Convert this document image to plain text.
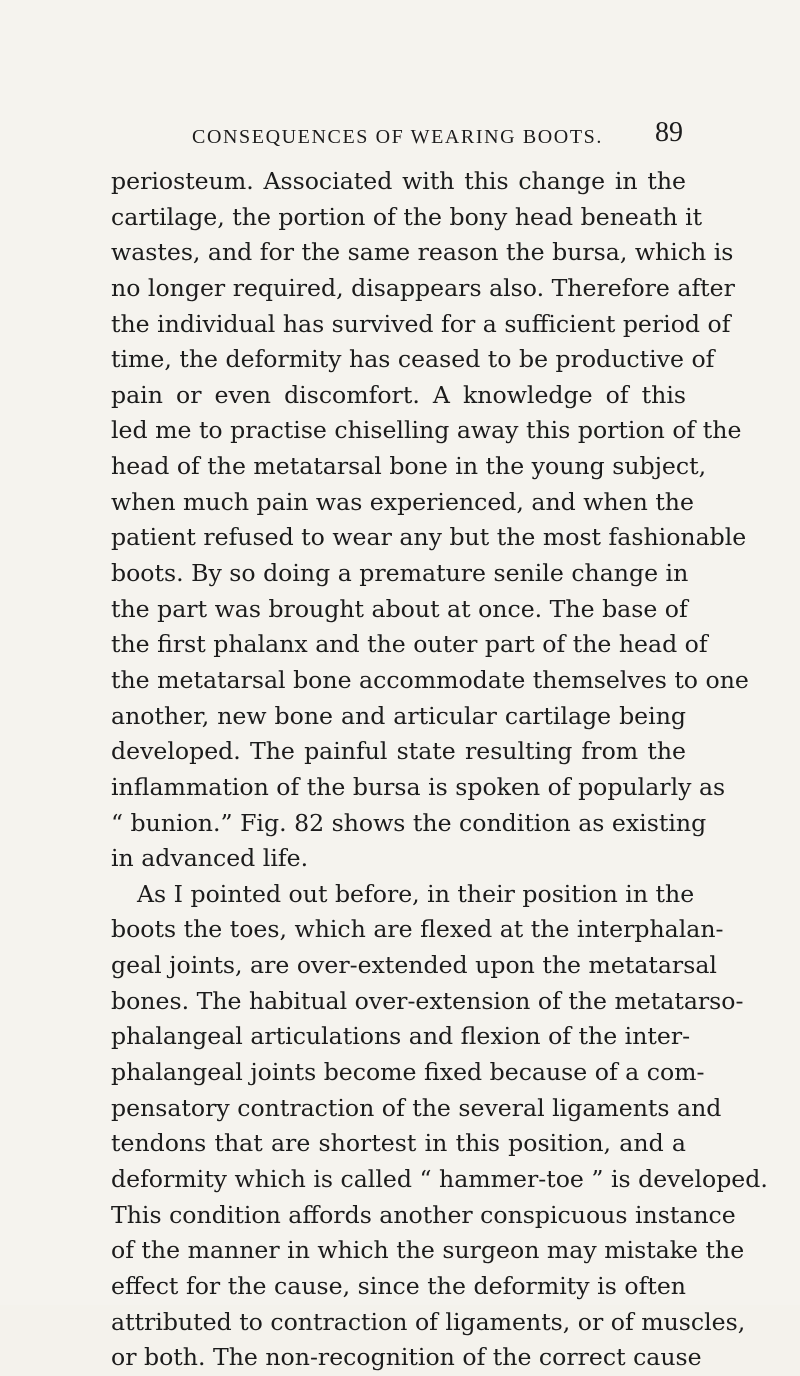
CONSEQUENCES OF WEARING BOOTS.	89
periosteum. Associated with this change in the
cartilage, the portion of the bony head beneath it
wastes, and for the same reason the bursa, which is
no longer required, disappears also. Therefore after
the individual has survived for a sufficient period of
time, the deformity has ceased to be productive of
pain or even discomfort. A knowledge of this
led me to practise chiselling away this portion of the
head of the metatarsal bone in the young subject,
when much pain was experienced, and when the
patient refused to wear any but the most fashionable
boots. By so doing a premature senile change in
the part was brought about at once. The base of
the first phalanx and the outer part of the head of
the metatarsal bone accommodate themselves to one
another, new bone and articular cartilage being
developed. The painful state resulting from the
inflammation of the bursa is spoken of popularly as
“ bunion.” Fig. 82 shows the condition as existing
in advanced life.
As I pointed out before, in their position in the
boots the toes, which are flexed at the interphalan-
geal joints, are over-extended upon the metatarsal
bones. The habitual over-extension of the metatarso-
phalangeal articulations and flexion of the inter-
phalangeal joints become fixed because of a com-
pensatory contraction of the several ligaments and
tendons that are shortest in this position, and a
deformity which is called “ hammer-toe ” is developed.
This condition affords another conspicuous instance
of the manner in which the surgeon may mistake the
effect for the cause, since the deformity is often
attributed to contraction of ligaments, or of muscles,
or both. The non-recognition of the correct cause
